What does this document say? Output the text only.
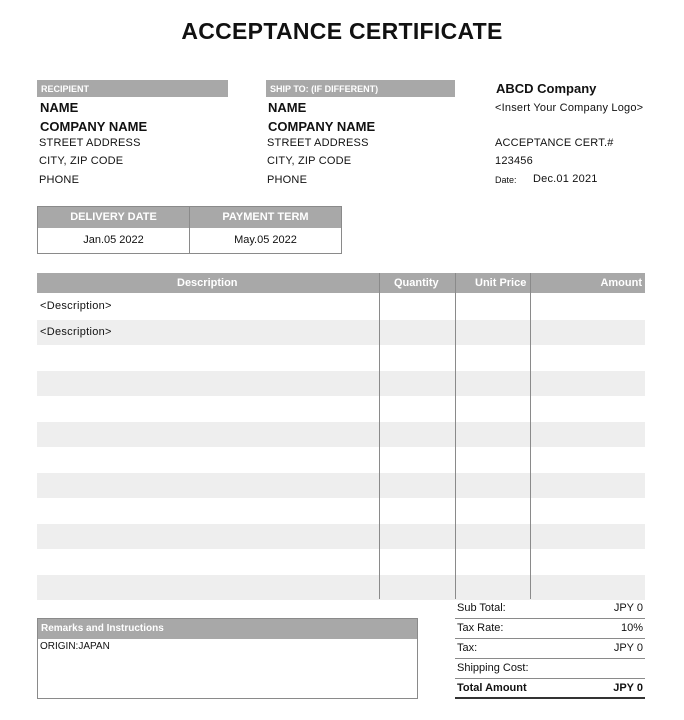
ACCEPTANCE CERTIFICATE
RECIPIENT
NAME
COMPANY NAME
STREET ADDRESS
CITY, ZIP CODE
PHONE
SHIP TO: (IF DIFFERENT)
NAME
COMPANY NAME
STREET ADDRESS
CITY, ZIP CODE
PHONE
ABCD Company
<Insert Your Company Logo>
ACCEPTANCE CERT.#
123456
Date: Dec.01 2021
DELIVERY DATE	PAYMENT TERM
Jan.05 2022	May.05 2022
Description	Quantity	Unit Price	Amount
<Description>
<Description>
Remarks and Instructions
ORIGIN:JAPAN
Sub Total:	JPY 0
Tax Rate:	10%
Tax:	JPY 0
Shipping Cost:
Total Amount	JPY 0
